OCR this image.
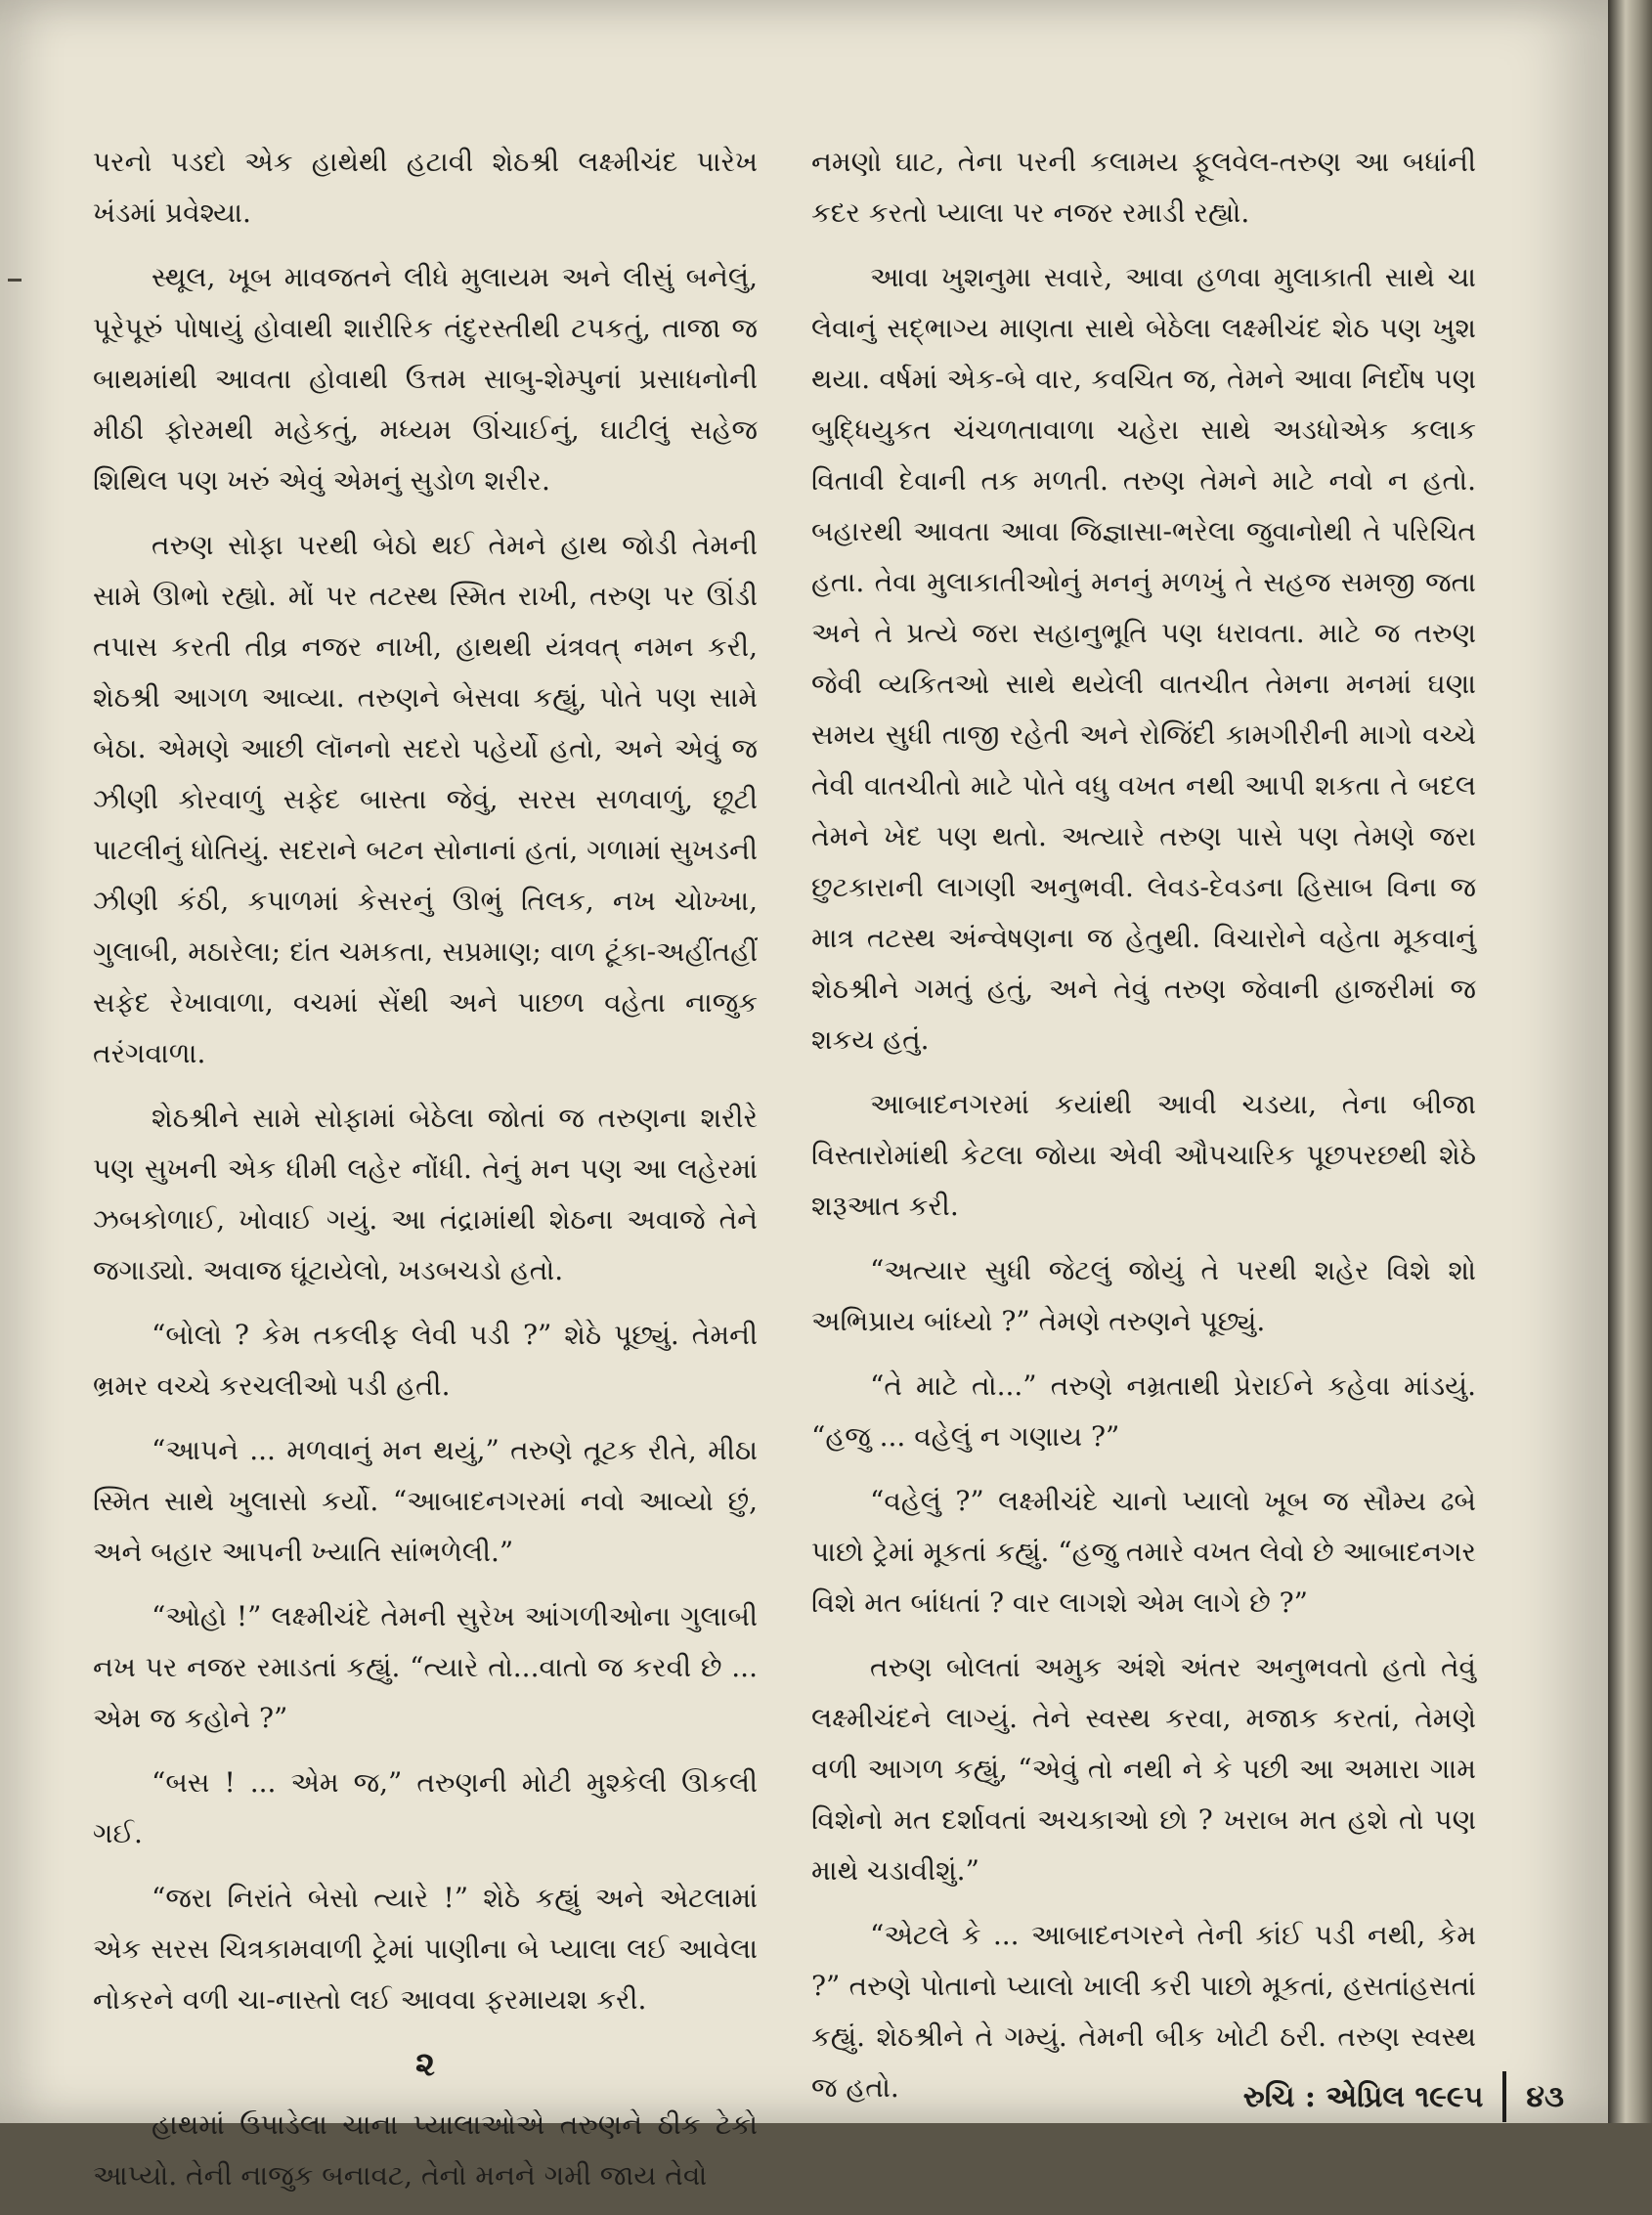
પરનો પડદો એક હાથેથી હટાવી શેઠશ્રી લક્ષ્મીચંદ પારેખ ખંડમાં પ્રવેશ્યા.

સ્થૂલ, ખૂબ માવજતને લીધે મુલાયમ અને લીસું બનેલું, પૂરેપૂરું પોષાયું હોવાથી શારીરિક તંદુરસ્તીથી ટપકતું, તાજા જ બાથમાંથી આવતા હોવાથી ઉત્તમ સાબુ-શેમ્પુનાં પ્રસાધનોની મીઠી ફોરમથી મહેકતું, મધ્યમ ઊંચાઈનું, ઘાટીલું સહેજ શિથિલ પણ ખરું એવું એમનું સુડોળ શરીર.

તરુણ સોફા પરથી બેઠો થઈ તેમને હાથ જોડી તેમની સામે ઊભો રહ્યો. મોં પર તટસ્થ સ્મિત રાખી, તરુણ પર ઊંડી તપાસ કરતી તીવ્ર નજર નાખી, હાથથી યંત્રવત્ નમન કરી, શેઠશ્રી આગળ આવ્યા. તરુણને બેસવા કહ્યું, પોતે પણ સામે બેઠા. એમણે આછી લૉનનો સદરો પહેર્યો હતો, અને એવું જ ઝીણી કોરવાળું સફેદ બાસ્તા જેવું, સરસ સળવાળું, છૂટી પાટલીનું ધોતિયું. સદરાને બટન સોનાનાં હતાં, ગળામાં સુખડની ઝીણી કંઠી, કપાળમાં કેસરનું ઊભું તિલક, નખ ચોખ્ખા, ગુલાબી, મઠારેલા; દાંત ચમકતા, સપ્રમાણ; વાળ ટૂંકા-અહીંતહીં સફેદ રેખાવાળા, વચમાં સેંથી અને પાછળ વહેતા નાજુક તરંગવાળા.

શેઠશ્રીને સામે સોફામાં બેઠેલા જોતાં જ તરુણના શરીરે પણ સુખની એક ધીમી લહેર નોંધી. તેનું મન પણ આ લહેરમાં ઝબકોળાઈ, ખોવાઈ ગયું. આ તંદ્રામાંથી શેઠના અવાજે તેને જગાડ્યો. અવાજ ઘૂંટાયેલો, ખડબચડો હતો.

“બોલો ? કેમ તકલીફ લેવી પડી ?” શેઠે પૂછ્યું. તેમની ભ્રમર વચ્ચે કરચલીઓ પડી હતી.

“આપને ... મળવાનું મન થયું,” તરુણે તૂટક રીતે, મીઠા સ્મિત સાથે ખુલાસો કર્યો. “આબાદનગરમાં નવો આવ્યો છું, અને બહાર આપની ખ્યાતિ સાંભળેલી.”

“ઓહો !” લક્ષ્મીચંદે તેમની સુરેખ આંગળીઓના ગુલાબી નખ પર નજર રમાડતાં કહ્યું. “ત્યારે તો...વાતો જ કરવી છે ... એમ જ કહોને ?”

“બસ ! ... એમ જ,” તરુણની મોટી મુશ્કેલી ઊકલી ગઈ.

“જરા નિરાંતે બેસો ત્યારે !” શેઠે કહ્યું અને એટલામાં એક સરસ ચિત્રકામવાળી ટ્રેમાં પાણીના બે પ્યાલા લઈ આવેલા નોકરને વળી ચા-નાસ્તો લઈ આવવા ફરમાયશ કરી.

૨

હાથમાં ઉપાડેલા ચાના પ્યાલાઓએ તરુણને ઠીક ટેકો આપ્યો. તેની નાજુક બનાવટ, તેનો મનને ગમી જાય તેવો

નમણો ઘાટ, તેના પરની કલામય ફૂલવેલ-તરુણ આ બધાંની કદર કરતો પ્યાલા પર નજર રમાડી રહ્યો.

આવા ખુશનુમા સવારે, આવા હળવા મુલાકાતી સાથે ચા લેવાનું સદ્ભાગ્ય માણતા સાથે બેઠેલા લક્ષ્મીચંદ શેઠ પણ ખુશ થયા. વર્ષમાં એક-બે વાર, કવચિત જ, તેમને આવા નિર્દોષ પણ બુદ્ધિયુકત ચંચળતાવાળા ચહેરા સાથે અડધોએક કલાક વિતાવી દેવાની તક મળતી. તરુણ તેમને માટે નવો ન હતો. બહારથી આવતા આવા જિજ્ઞાસા-ભરેલા જુવાનોથી તે પરિચિત હતા. તેવા મુલાકાતીઓનું મનનું મળખું તે સહજ સમજી જતા અને તે પ્રત્યે જરા સહાનુભૂતિ પણ ધરાવતા. માટે જ તરુણ જેવી વ્યકિતઓ સાથે થયેલી વાતચીત તેમના મનમાં ઘણા સમય સુધી તાજી રહેતી અને રોજિંદી કામગીરીની માગો વચ્ચે તેવી વાતચીતો માટે પોતે વધુ વખત નથી આપી શકતા તે બદલ તેમને ખેદ પણ થતો. અત્યારે તરુણ પાસે પણ તેમણે જરા છુટકારાની લાગણી અનુભવી. લેવડ-દેવડના હિસાબ વિના જ માત્ર તટસ્થ અંન્વેષણના જ હેતુથી. વિચારોને વહેતા મૂકવાનું શેઠશ્રીને ગમતું હતું, અને તેવું તરુણ જેવાની હાજરીમાં જ શકય હતું.

આબાદનગરમાં કયાંથી આવી ચડયા, તેના બીજા વિસ્તારોમાંથી કેટલા જોયા એવી ઔપચારિક પૂછપરછથી શેઠે શરૂઆત કરી.

“અત્યાર સુધી જેટલું જોયું તે પરથી શહેર વિશે શો અભિપ્રાય બાંધ્યો ?” તેમણે તરુણને પૂછ્યું.

“તે માટે તો...” તરુણે નમ્રતાથી પ્રેરાઈને કહેવા માંડયું. “હજુ ... વહેલું ન ગણાય ?”

“વહેલું ?” લક્ષ્મીચંદે ચાનો પ્યાલો ખૂબ જ સૌમ્ય ઢબે પાછો ટ્રેમાં મૂકતાં કહ્યું. “હજુ તમારે વખત લેવો છે આબાદનગર વિશે મત બાંધતાં ? વાર લાગશે એમ લાગે છે ?”

તરુણ બોલતાં અમુક અંશે અંતર અનુભવતો હતો તેવું લક્ષ્મીચંદને લાગ્યું. તેને સ્વસ્થ કરવા, મજાક કરતાં, તેમણે વળી આગળ કહ્યું, “એવું તો નથી ને કે પછી આ અમારા ગામ વિશેનો મત દર્શાવતાં અચકાઓ છો ? ખરાબ મત હશે તો પણ માથે ચડાવીશું.”

“એટલે કે ... આબાદનગરને તેની કાંઈ પડી નથી, કેમ ?” તરુણે પોતાનો પ્યાલો ખાલી કરી પાછો મૂકતાં, હસતાંહસતાં કહ્યું. શેઠશ્રીને તે ગમ્યું. તેમની બીક ખોટી ઠરી. તરુણ સ્વસ્થ જ હતો.	રુચિ : એપ્રિલ ૧૯૯૫ ૪૩
